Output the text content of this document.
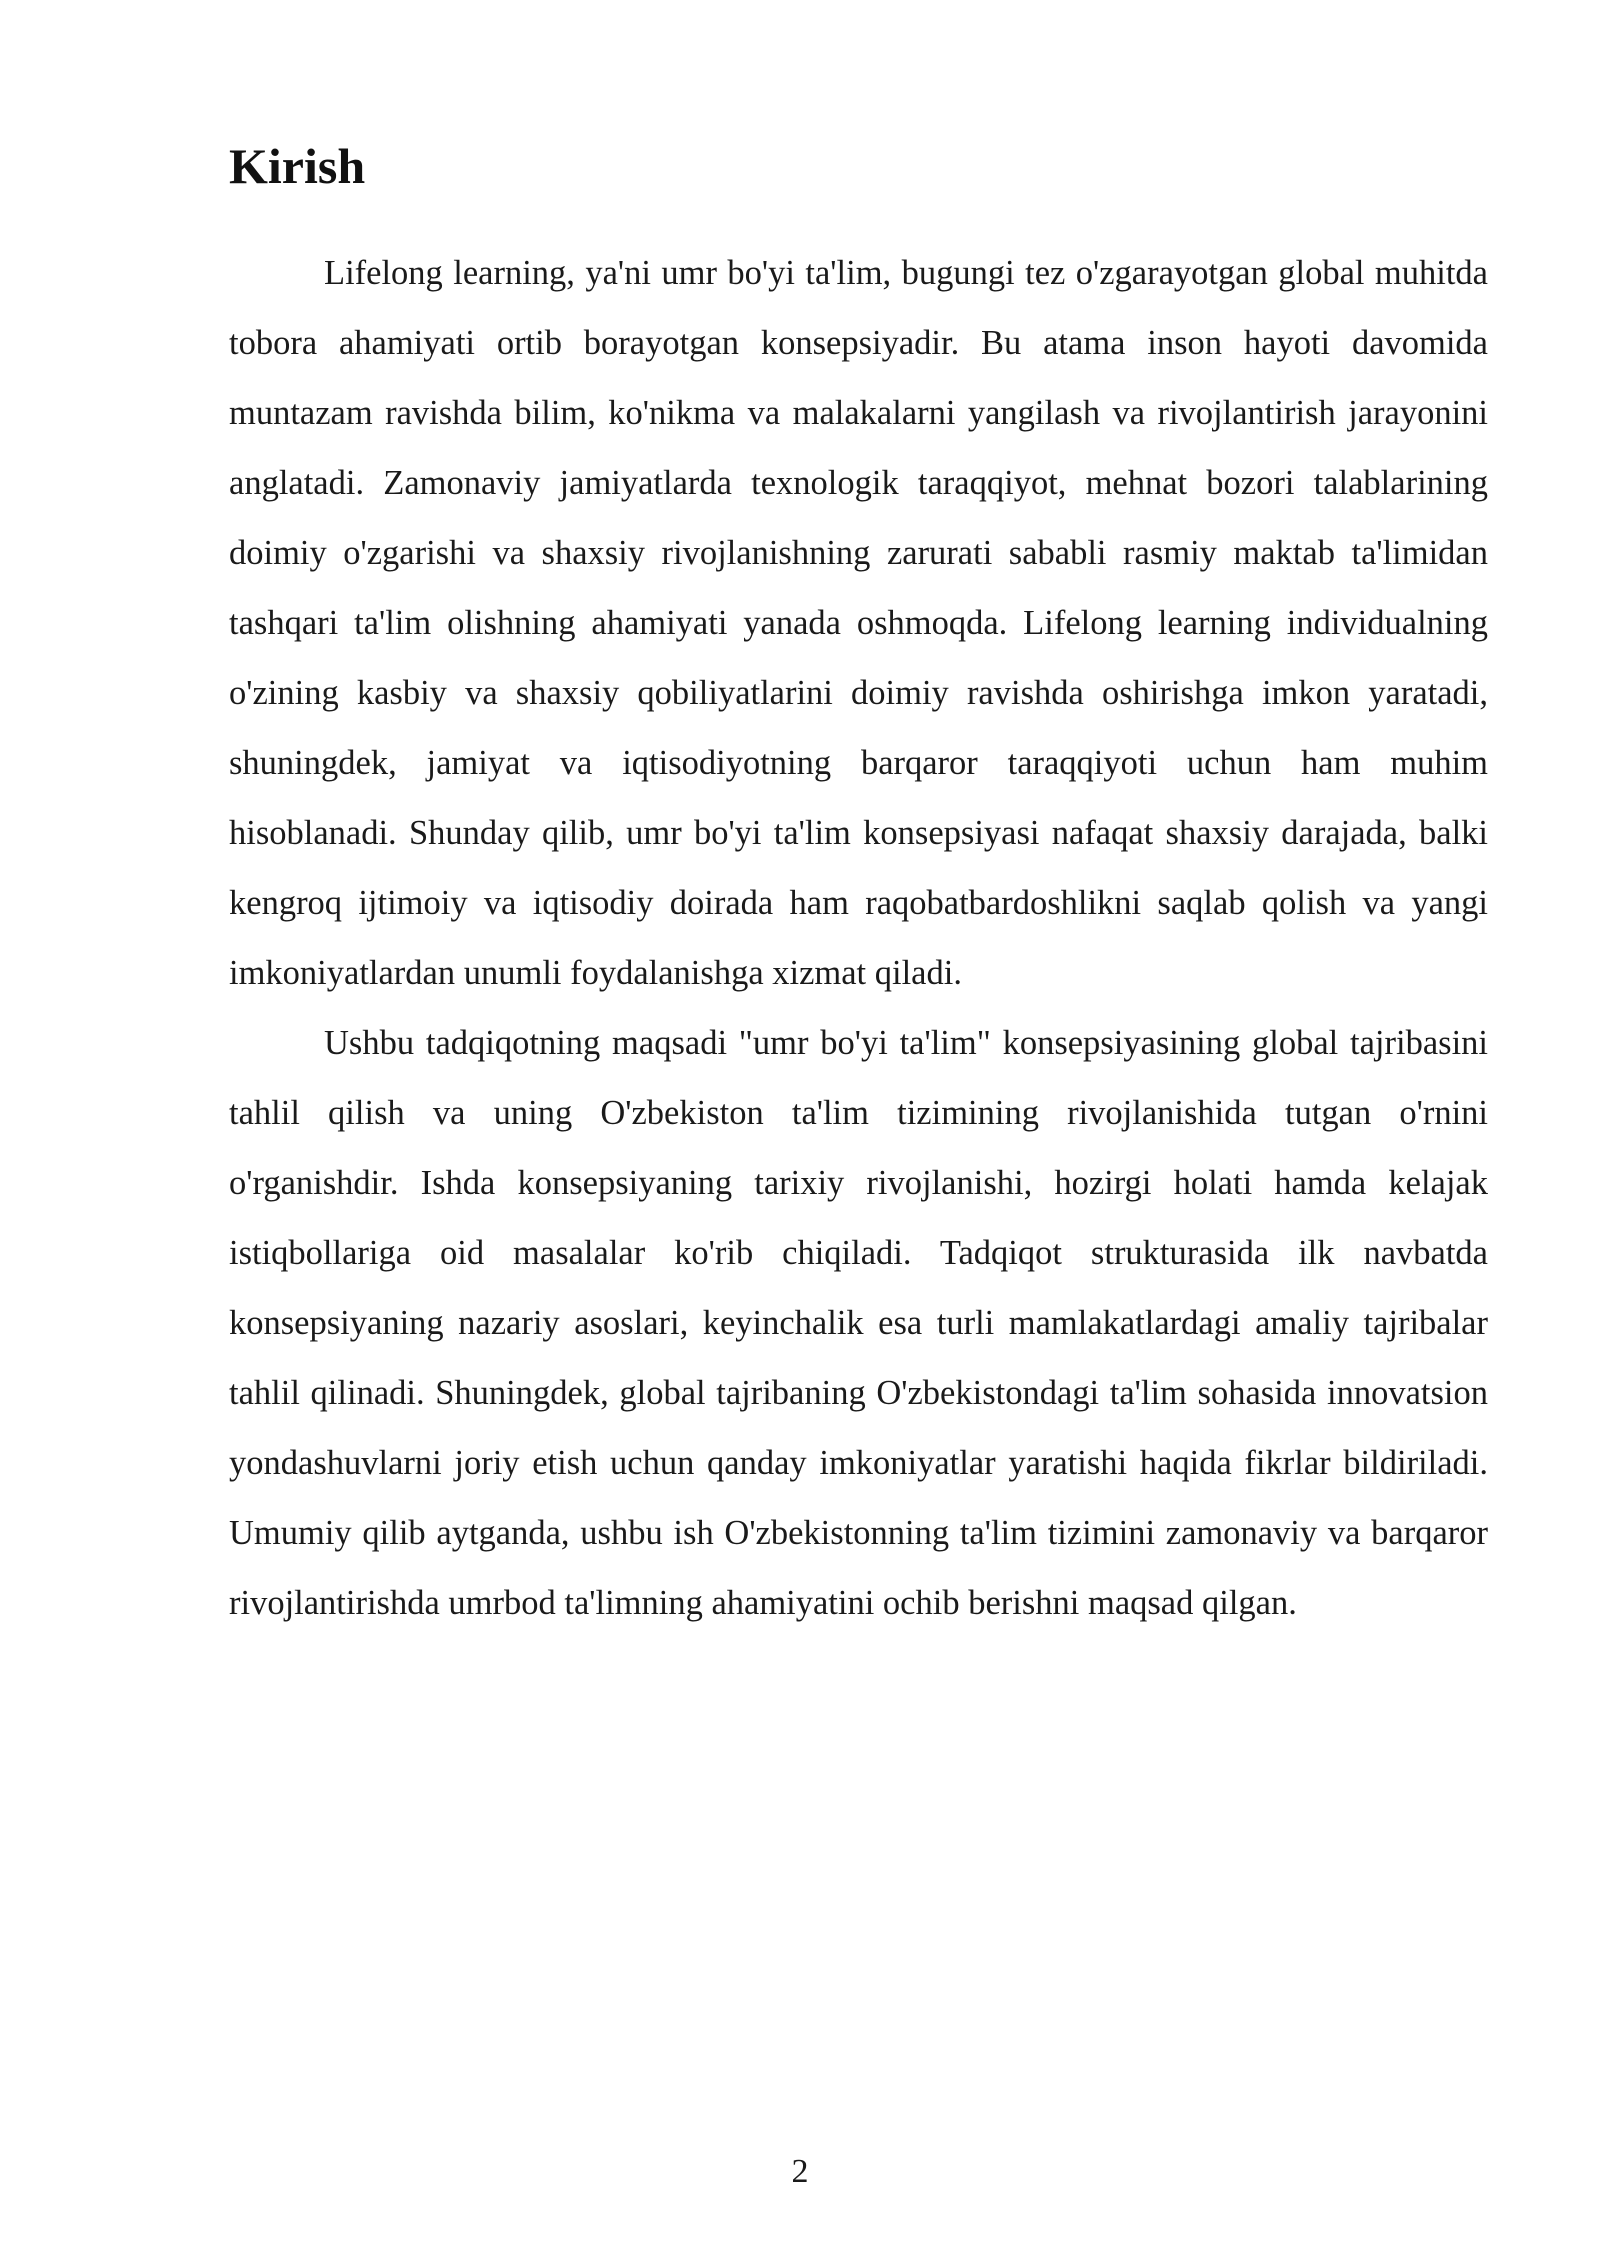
Kirish

Lifelong learning, ya'ni umr bo'yi ta'lim, bugungi tez o'zgarayotgan global muhitda tobora ahamiyati ortib borayotgan konsepsiyadir. Bu atama inson hayoti davomida muntazam ravishda bilim, ko'nikma va malakalarni yangilash va rivojlantirish jarayonini anglatadi. Zamonaviy jamiyatlarda texnologik taraqqiyot, mehnat bozori talablarining doimiy o'zgarishi va shaxsiy rivojlanishning zarurati sababli rasmiy maktab ta'limidan tashqari ta'lim olishning ahamiyati yanada oshmoqda. Lifelong learning individualning o'zining kasbiy va shaxsiy qobiliyatlarini doimiy ravishda oshirishga imkon yaratadi, shuningdek, jamiyat va iqtisodiyotning barqaror taraqqiyoti uchun ham muhim hisoblanadi. Shunday qilib, umr bo'yi ta'lim konsepsiyasi nafaqat shaxsiy darajada, balki kengroq ijtimoiy va iqtisodiy doirada ham raqobatbardoshlikni saqlab qolish va yangi imkoniyatlardan unumli foydalanishga xizmat qiladi.

Ushbu tadqiqotning maqsadi "umr bo'yi ta'lim" konsepsiyasining global tajribasini tahlil qilish va uning O'zbekiston ta'lim tizimining rivojlanishida tutgan o'rnini o'rganishdir. Ishda konsepsiyaning tarixiy rivojlanishi, hozirgi holati hamda kelajak istiqbollariga oid masalalar ko'rib chiqiladi. Tadqiqot strukturasida ilk navbatda konsepsiyaning nazariy asoslari, keyinchalik esa turli mamlakatlardagi amaliy tajribalar tahlil qilinadi. Shuningdek, global tajribaning O'zbekistondagi ta'lim sohasida innovatsion yondashuvlarni joriy etish uchun qanday imkoniyatlar yaratishi haqida fikrlar bildiriladi. Umumiy qilib aytganda, ushbu ish O'zbekistonning ta'lim tizimini zamonaviy va barqaror rivojlantirishda umrbod ta'limning ahamiyatini ochib berishni maqsad qilgan.

2
